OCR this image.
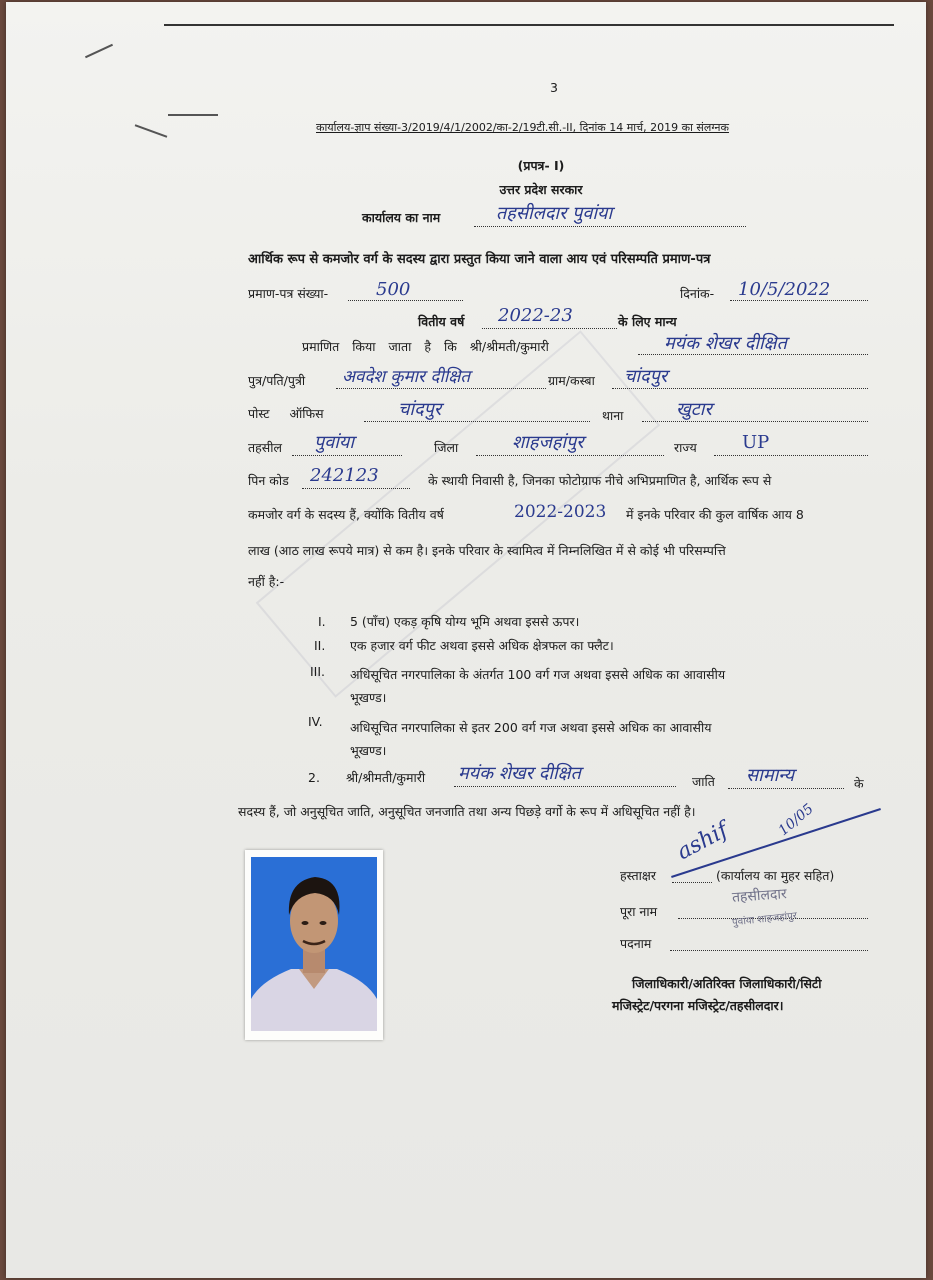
3
कार्यालय-ज्ञाप संख्या-3/2019/4/1/2002/का-2/19टी.सी.-II, दिनांक 14 मार्च, 2019 का संलग्नक
(प्रपत्र- I)
उत्तर प्रदेश सरकार
कार्यालय का नाम	तहसीलदार पुवांया
आर्थिक रूप से कमजोर वर्ग के सदस्य द्वारा प्रस्तुत किया जाने वाला आय एवं परिसम्पति प्रमाण-पत्र
प्रमाण-पत्र संख्या-	500	दिनांक- 10/5/2022
वितीय वर्ष 2022-23	के लिए मान्य
प्रमाणित किया जाता है कि श्री/श्रीमती/कुमारी	मयंक शेखर दीक्षित
पुत्र/पति/पुत्री अवदेश कुमार दीक्षित	ग्राम/कस्बा चांदपुर
पोस्ट ऑफिस	चांदपुर	थाना	खुटार
तहसील पुवांया	जिला	शाहजहांपुर	राज्य	UP
पिन कोड 242123	के स्थायी निवासी है, जिनका फोटोग्राफ नीचे अभिप्रमाणित है, आर्थिक रूप से
कमजोर वर्ग के सदस्य हैं, क्योंकि वितीय वर्ष	2022-2023 में इनके परिवार की कुल वार्षिक आय 8
लाख (आठ लाख रूपये मात्र) से कम है। इनके परिवार के स्वामित्व में निम्नलिखित में से कोई भी परिसम्पत्ति
नहीं है:-
I. 5 (पाँच) एकड़ कृषि योग्य भूमि अथवा इससे ऊपर।
II. एक हजार वर्ग फीट अथवा इससे अधिक क्षेत्रफल का फ्लैट।
III. अधिसूचित नगरपालिका के अंतर्गत 100 वर्ग गज अथवा इससे अधिक का आवासीय
भूखण्ड।
IV. अधिसूचित नगरपालिका से इतर 200 वर्ग गज अथवा इससे अधिक का आवासीय
भूखण्ड।
2. श्री/श्रीमती/कुमारी मयंक शेखर दीक्षित	जाति सामान्य	के
सदस्य हैं, जो अनुसूचित जाति, अनुसूचित जनजाति तथा अन्य पिछड़े वर्गो के रूप में अधिसूचित नहीं है।
ashif	10/05
हस्ताक्षर	(कार्यालय का मुहर सहित)
तहसीलदार
पूरा नाम	पुवांया शाहजहांपुर
पदनाम
जिलाधिकारी/अतिरिक्त जिलाधिकारी/सिटी
मजिस्ट्रेट/परगना मजिस्ट्रेट/तहसीलदार।
